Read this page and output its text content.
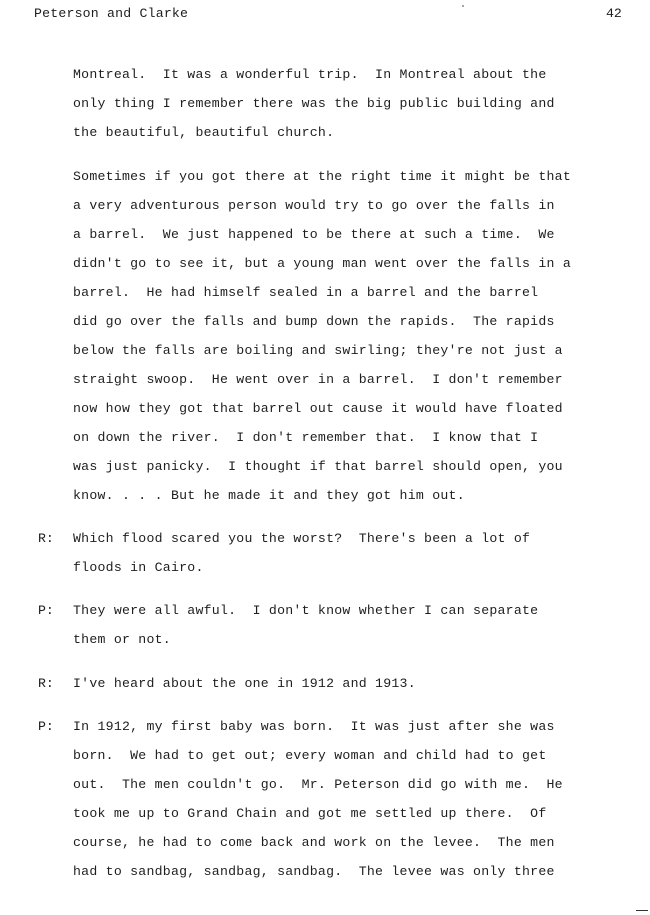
Peterson and Clarke	42
Montreal.  It was a wonderful trip.  In Montreal about the
only thing I remember there was the big public building and
the beautiful, beautiful church.
Sometimes if you got there at the right time it might be that
a very adventurous person would try to go over the falls in
a barrel.  We just happened to be there at such a time.  We
didn't go to see it, but a young man went over the falls in a
barrel.  He had himself sealed in a barrel and the barrel
did go over the falls and bump down the rapids.  The rapids
below the falls are boiling and swirling; they're not just a
straight swoop.  He went over in a barrel.  I don't remember
now how they got that barrel out cause it would have floated
on down the river.  I don't remember that.  I know that I
was just panicky.  I thought if that barrel should open, you
know. . . . But he made it and they got him out.
R: Which flood scared you the worst?  There's been a lot of
floods in Cairo.
P: They were all awful.  I don't know whether I can separate
them or not.
R: I've heard about the one in 1912 and 1913.
P: In 1912, my first baby was born.  It was just after she was
born.  We had to get out; every woman and child had to get
out.  The men couldn't go.  Mr. Peterson did go with me.  He
took me up to Grand Chain and got me settled up there.  Of
course, he had to come back and work on the levee.  The men
had to sandbag, sandbag, sandbag.  The levee was only three
